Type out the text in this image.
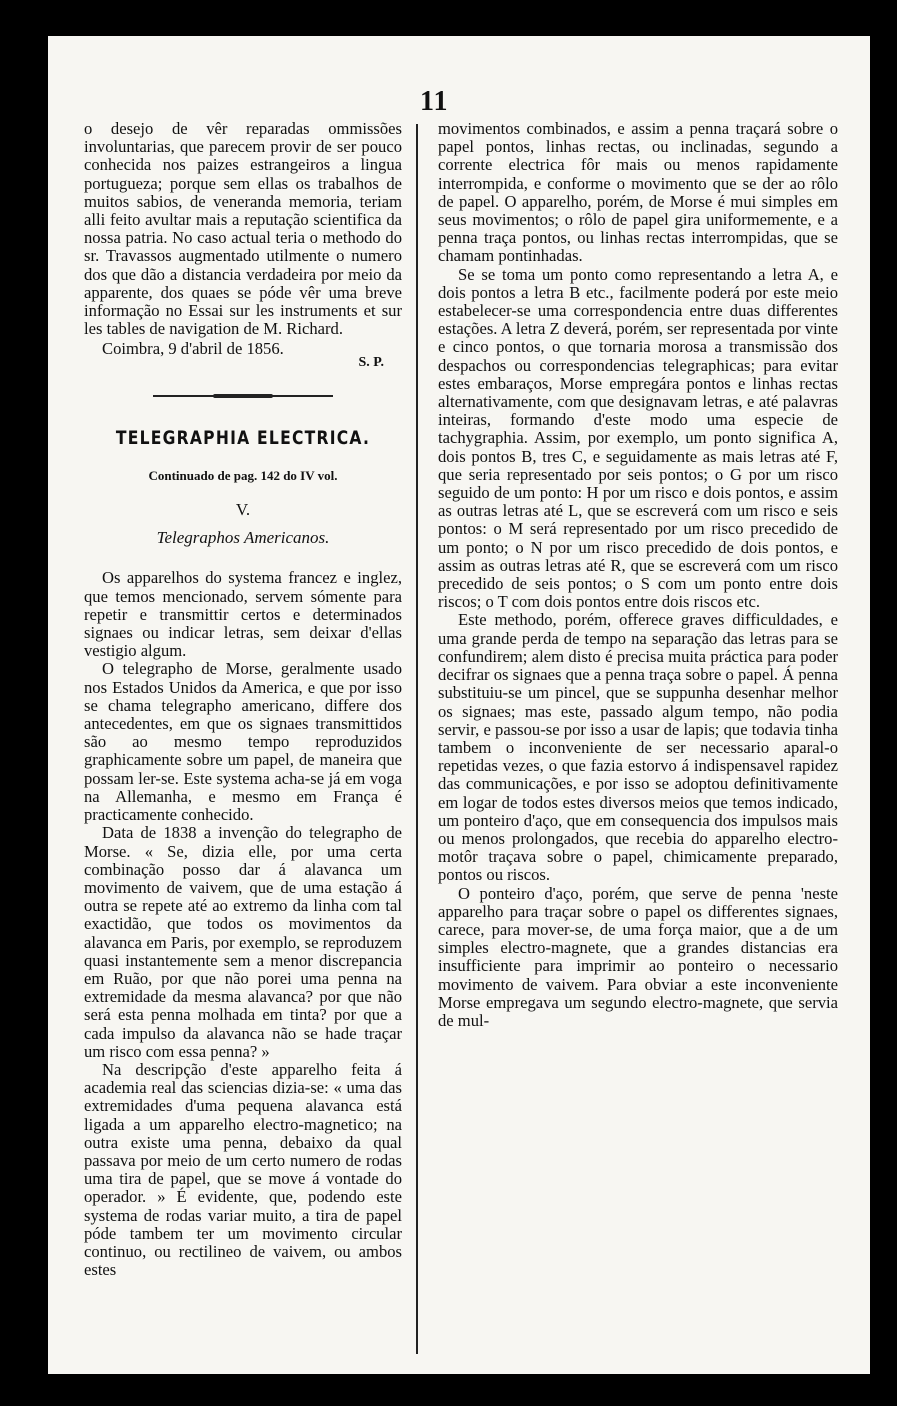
11

o desejo de vêr reparadas ommissões involuntarias, que parecem provir de ser pouco conhecida nos paizes estrangeiros a lingua portugueza; porque sem ellas os trabalhos de muitos sabios, de veneranda memoria, teriam alli feito avultar mais a reputação scientifica da nossa patria. No caso actual teria o methodo do sr. Travassos augmentado utilmente o numero dos que dão a distancia verdadeira por meio da apparente, dos quaes se póde vêr uma breve informação no Essai sur les instruments et sur les tables de navigation de M. Richard.

Coimbra, 9 d'abril de 1856.
S. P.
TELEGRAPHIA ELECTRICA.
Continuado de pag. 142 do IV vol.
V.
Telegraphos Americanos.

Os apparelhos do systema francez e inglez, que temos mencionado, servem sómente para repetir e transmittir certos e determinados signaes ou indicar letras, sem deixar d'ellas vestigio algum.

O telegrapho de Morse, geralmente usado nos Estados Unidos da America, e que por isso se chama telegrapho americano, differe dos antecedentes, em que os signaes transmittidos são ao mesmo tempo reproduzidos graphicamente sobre um papel, de maneira que possam ler-se. Este systema acha-se já em voga na Allemanha, e mesmo em França é practicamente conhecido.

Data de 1838 a invenção do telegrapho de Morse. « Se, dizia elle, por uma certa combinação posso dar á alavanca um movimento de vaivem, que de uma estação á outra se repete até ao extremo da linha com tal exactidão, que todos os movimentos da alavanca em Paris, por exemplo, se reproduzem quasi instantemente sem a menor discrepancia em Ruão, por que não porei uma penna na extremidade da mesma alavanca? por que não será esta penna molhada em tinta? por que a cada impulso da alavanca não se hade traçar um risco com essa penna? »

Na descripção d'este apparelho feita á academia real das sciencias dizia-se: « uma das extremidades d'uma pequena alavanca está ligada a um apparelho electro-magnetico; na outra existe uma penna, debaixo da qual passava por meio de um certo numero de rodas uma tira de papel, que se move á vontade do operador. » É evidente, que, podendo este systema de rodas variar muito, a tira de papel póde tambem ter um movimento circular continuo, ou rectilineo de vaivem, ou ambos estes

movimentos combinados, e assim a penna traçará sobre o papel pontos, linhas rectas, ou inclinadas, segundo a corrente electrica fôr mais ou menos rapidamente interrompida, e conforme o movimento que se der ao rôlo de papel. O apparelho, porém, de Morse é mui simples em seus movimentos; o rôlo de papel gira uniformemente, e a penna traça pontos, ou linhas rectas interrompidas, que se chamam pontinhadas.

Se se toma um ponto como representando a letra A, e dois pontos a letra B etc., facilmente poderá por este meio estabelecer-se uma correspondencia entre duas differentes estações. A letra Z deverá, porém, ser representada por vinte e cinco pontos, o que tornaria morosa a transmissão dos despachos ou correspondencias telegraphicas; para evitar estes embaraços, Morse empregára pontos e linhas rectas alternativamente, com que designavam letras, e até palavras inteiras, formando d'este modo uma especie de tachygraphia. Assim, por exemplo, um ponto significa A, dois pontos B, tres C, e seguidamente as mais letras até F, que seria representado por seis pontos; o G por um risco seguido de um ponto: H por um risco e dois pontos, e assim as outras letras até L, que se escreverá com um risco e seis pontos: o M será representado por um risco precedido de um ponto; o N por um risco precedido de dois pontos, e assim as outras letras até R, que se escreverá com um risco precedido de seis pontos; o S com um ponto entre dois riscos; o T com dois pontos entre dois riscos etc.

Este methodo, porém, offerece graves difficuldades, e uma grande perda de tempo na separação das letras para se confundirem; alem disto é precisa muita práctica para poder decifrar os signaes que a penna traça sobre o papel. Á penna substituiu-se um pincel, que se suppunha desenhar melhor os signaes; mas este, passado algum tempo, não podia servir, e passou-se por isso a usar de lapis; que todavia tinha tambem o inconveniente de ser necessario aparal-o repetidas vezes, o que fazia estorvo á indispensavel rapidez das communicações, e por isso se adoptou definitivamente em logar de todos estes diversos meios que temos indicado, um ponteiro d'aço, que em consequencia dos impulsos mais ou menos prolongados, que recebia do apparelho electro-motôr traçava sobre o papel, chimicamente preparado, pontos ou riscos.

O ponteiro d'aço, porém, que serve de penna 'neste apparelho para traçar sobre o papel os differentes signaes, carece, para mover-se, de uma força maior, que a de um simples electro-magnete, que a grandes distancias era insufficiente para imprimir ao ponteiro o necessario movimento de vaivem. Para obviar a este inconveniente Morse empregava um segundo electro-magnete, que servia de mul-
